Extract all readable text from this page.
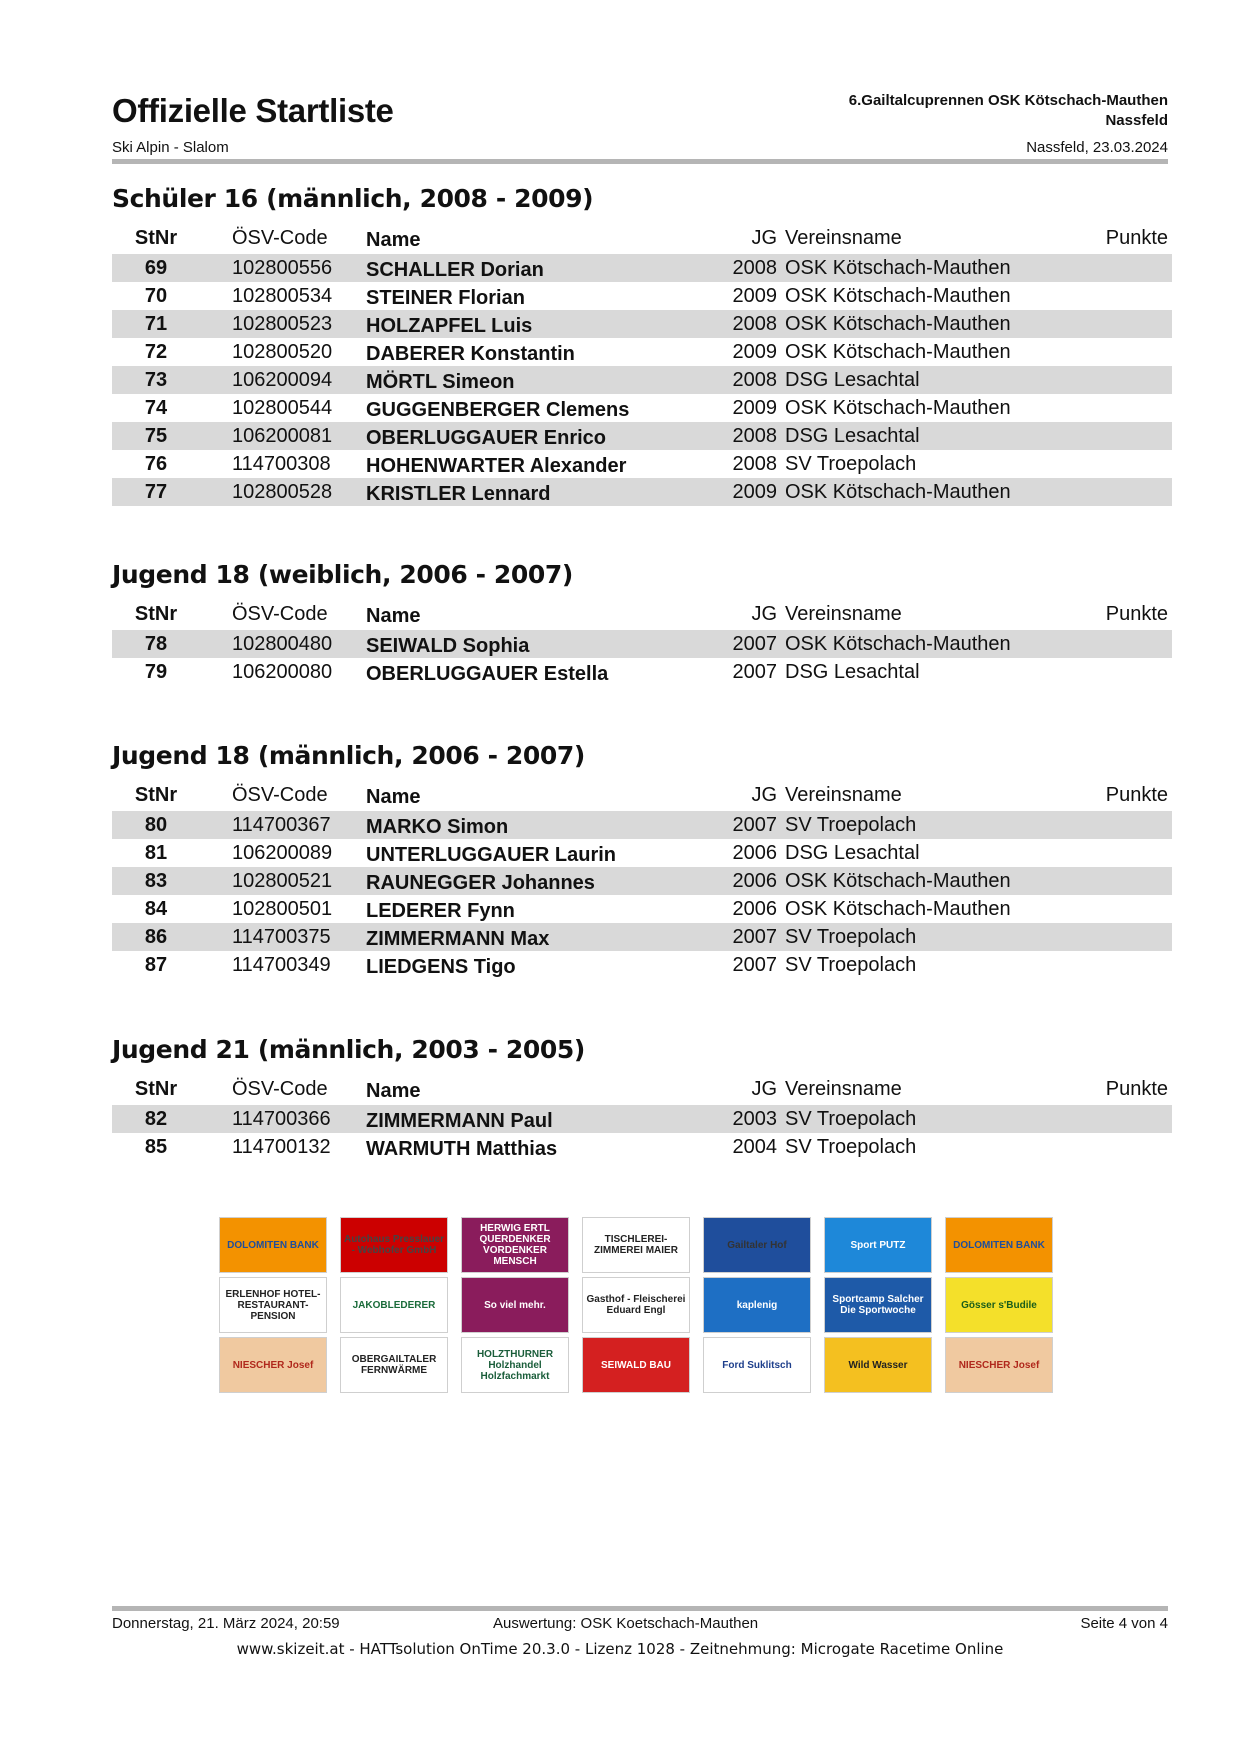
Offizielle Startliste	6.Gailtalcuprennen OSK Kötschach-Mauthen
Nassfeld
Ski Alpin - Slalom	Nassfeld, 23.03.2024
Schüler 16 (männlich, 2008 - 2009)
StNr	ÖSV-Code Name	JG Vereinsname	Punkte
69	102800556 SCHALLER Dorian	2008 OSK Kötschach-Mauthen
70	102800534 STEINER Florian	2009 OSK Kötschach-Mauthen
71	102800523 HOLZAPFEL Luis	2008 OSK Kötschach-Mauthen
72	102800520 DABERER Konstantin	2009 OSK Kötschach-Mauthen
73	106200094 MÖRTL Simeon	2008 DSG Lesachtal
74	102800544 GUGGENBERGER Clemens	2009 OSK Kötschach-Mauthen
75	106200081 OBERLUGGAUER Enrico	2008 DSG Lesachtal
76	114700308 HOHENWARTER Alexander	2008 SV Troepolach
77	102800528 KRISTLER Lennard	2009 OSK Kötschach-Mauthen
Jugend 18 (weiblich, 2006 - 2007)
StNr	ÖSV-Code Name	JG Vereinsname	Punkte
78	102800480 SEIWALD Sophia	2007 OSK Kötschach-Mauthen
79	106200080 OBERLUGGAUER Estella	2007 DSG Lesachtal
Jugend 18 (männlich, 2006 - 2007)
StNr	ÖSV-Code Name	JG Vereinsname	Punkte
80	114700367 MARKO Simon	2007 SV Troepolach
81	106200089 UNTERLUGGAUER Laurin	2006 DSG Lesachtal
83	102800521 RAUNEGGER Johannes	2006 OSK Kötschach-Mauthen
84	102800501 LEDERER Fynn	2006 OSK Kötschach-Mauthen
86	114700375 ZIMMERMANN Max	2007 SV Troepolach
87	114700349 LIEDGENS Tigo	2007 SV Troepolach
Jugend 21 (männlich, 2003 - 2005)
StNr	ÖSV-Code Name	JG Vereinsname	Punkte
82	114700366 ZIMMERMANN Paul	2003 SV Troepolach
85	114700132 WARMUTH Matthias	2004 SV Troepolach
DOLOMITEN BANK	Autohaus Presslauer - Webhofer GmbH
HERWIG ERTL QUERDENKER VORDENKER MENSCH
TISCHLEREI-ZIMMEREI MAIER	Gailtaler Hof	Sport PUTZ	DOLOMITEN BANK
ERLENHOF HOTEL-RESTAURANT-PENSION
JAKOBLEDERER	So viel mehr.	Gasthof - Fleischerei Eduard Engl	kaplenig	Sportcamp Salcher Die Sportwoche	Gösser s'Budile
NIESCHER Josef	OBERGAILTALER FERNWÄRME
HOLZTHURNER Holzhandel Holzfachmarkt
SEIWALD BAU	Ford Suklitsch	Wild Wasser	NIESCHER Josef
Donnerstag, 21. März 2024, 20:59	Auswertung: OSK Koetschach-Mauthen	Seite 4 von 4
www.skizeit.at - HATTsolution OnTime 20.3.0 - Lizenz 1028 - Zeitnehmung: Microgate Racetime Online
